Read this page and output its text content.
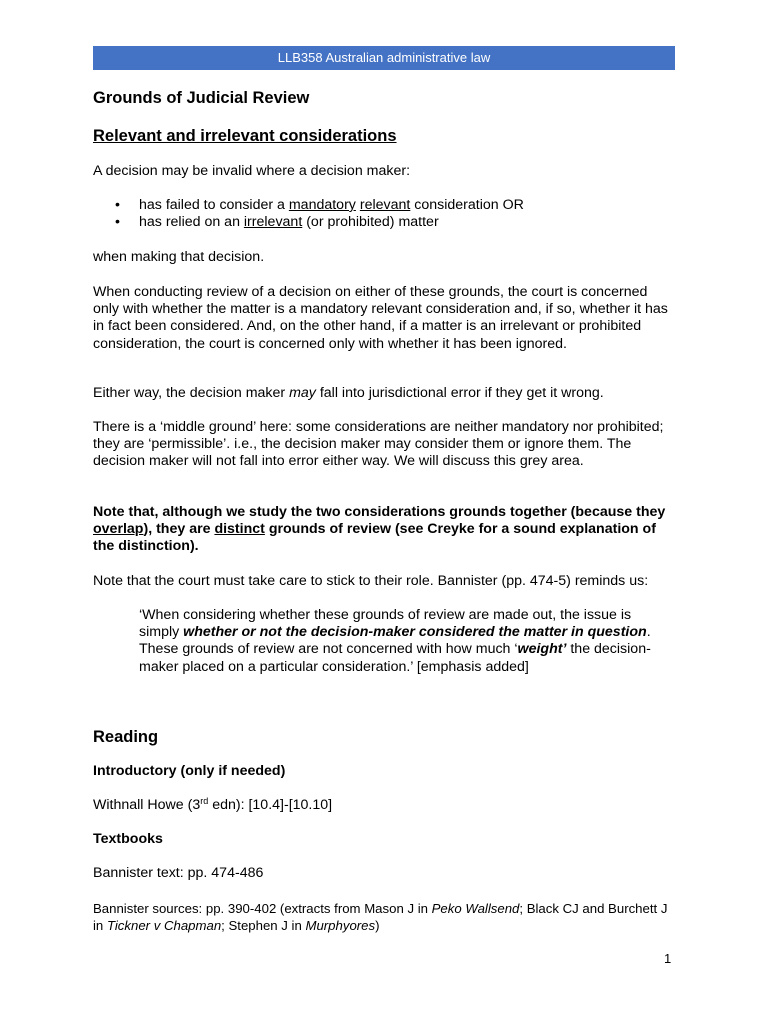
LLB358 Australian administrative law
Grounds of Judicial Review
Relevant and irrelevant considerations

A decision may be invalid where a decision maker:

• has failed to consider a mandatory relevant consideration OR
• has relied on an irrelevant (or prohibited) matter

when making that decision.

When conducting review of a decision on either of these grounds, the court is concerned only with whether the matter is a mandatory relevant consideration and, if so, whether it has in fact been considered. And, on the other hand, if a matter is an irrelevant or prohibited consideration, the court is concerned only with whether it has been ignored.

Either way, the decision maker may fall into jurisdictional error if they get it wrong.

There is a ‘middle ground’ here: some considerations are neither mandatory nor prohibited; they are ‘permissible’. i.e., the decision maker may consider them or ignore them. The decision maker will not fall into error either way. We will discuss this grey area.

Note that, although we study the two considerations grounds together (because they overlap), they are distinct grounds of review (see Creyke for a sound explanation of the distinction).

Note that the court must take care to stick to their role. Bannister (pp. 474-5) reminds us:

‘When considering whether these grounds of review are made out, the issue is simply whether or not the decision-maker considered the matter in question. These grounds of review are not concerned with how much ‘weight’ the decision-maker placed on a particular consideration.’ [emphasis added]

Reading

Introductory (only if needed)

Withnall Howe (3rd edn): [10.4]-[10.10]

Textbooks

Bannister text: pp. 474-486

Bannister sources: pp. 390-402 (extracts from Mason J in Peko Wallsend; Black CJ and Burchett J in Tickner v Chapman; Stephen J in Murphyores)

1
